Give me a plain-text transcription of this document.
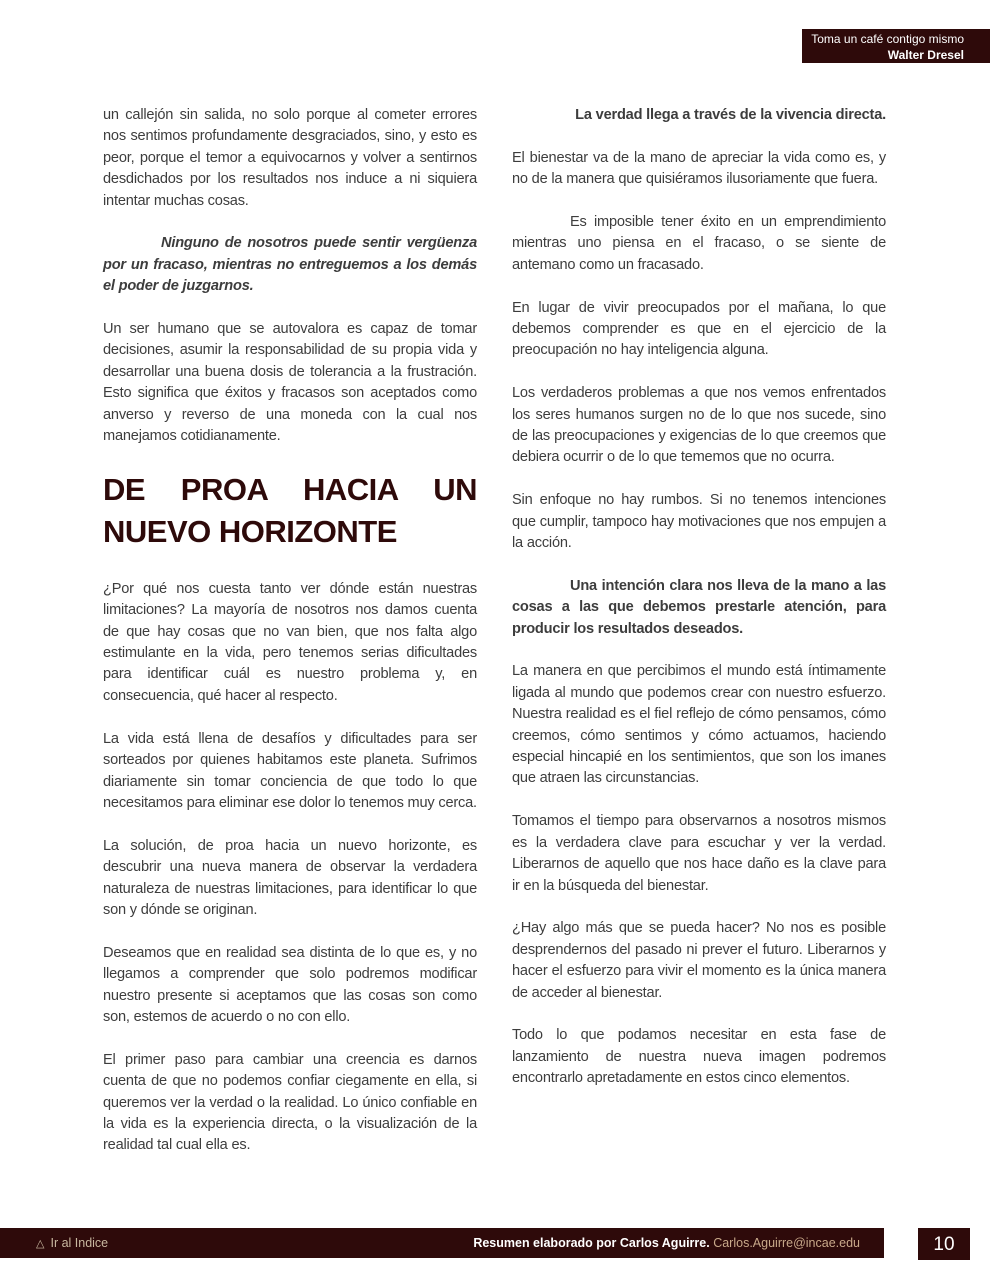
Toma un café contigo mismo
Walter Dresel

un callejón sin salida, no solo porque al cometer errores nos sentimos profundamente desgraciados, sino, y esto es peor, porque el temor a equivocarnos y volver a sentirnos desdichados por los resultados nos induce a ni siquiera intentar muchas cosas.

Ninguno de nosotros puede sentir vergüenza por un fracaso, mientras no entreguemos a los demás el poder de juzgarnos.

Un ser humano que se autovalora es capaz de tomar decisiones, asumir la responsabilidad de su propia vida y desarrollar una buena dosis de tolerancia a la frustración. Esto significa que éxitos y fracasos son aceptados como anverso y reverso de una moneda con la cual nos manejamos cotidianamente.

DE PROA HACIA UN NUEVO HORIZONTE

¿Por qué nos cuesta tanto ver dónde están nuestras limitaciones? La mayoría de nosotros nos damos cuenta de que hay cosas que no van bien, que nos falta algo estimulante en la vida, pero tenemos serias dificultades para identificar cuál es nuestro problema y, en consecuencia, qué hacer al respecto.

La vida está llena de desafíos y dificultades para ser sorteados por quienes habitamos este planeta. Sufrimos diariamente sin tomar conciencia de que todo lo que necesitamos para eliminar ese dolor lo tenemos muy cerca.

La solución, de proa hacia un nuevo horizonte, es descubrir una nueva manera de observar la verdadera naturaleza de nuestras limitaciones, para identificar lo que son y dónde se originan.

Deseamos que en realidad sea distinta de lo que es, y no llegamos a comprender que solo podremos modificar nuestro presente si aceptamos que las cosas son como son, estemos de acuerdo o no con ello.

El primer paso para cambiar una creencia es darnos cuenta de que no podemos confiar ciegamente en ella, si queremos ver la verdad o la realidad. Lo único confiable en la vida es la experiencia directa, o la visualización de la realidad tal cual ella es.

La verdad llega a través de la vivencia directa.

El bienestar va de la mano de apreciar la vida como es, y no de la manera que quisiéramos ilusoriamente que fuera.

Es imposible tener éxito en un emprendimiento mientras uno piensa en el fracaso, o se siente de antemano como un fracasado.

En lugar de vivir preocupados por el mañana, lo que debemos comprender es que en el ejercicio de la preocupación no hay inteligencia alguna.

Los verdaderos problemas a que nos vemos enfrentados los seres humanos surgen no de lo que nos sucede, sino de las preocupaciones y exigencias de lo que creemos que debiera ocurrir o de lo que tememos que no ocurra.

Sin enfoque no hay rumbos. Si no tenemos intenciones que cumplir, tampoco hay motivaciones que nos empujen a la acción.

Una intención clara nos lleva de la mano a las cosas a las que debemos prestarle atención, para producir los resultados deseados.

La manera en que percibimos el mundo está íntimamente ligada al mundo que podemos crear con nuestro esfuerzo. Nuestra realidad es el fiel reflejo de cómo pensamos, cómo creemos, cómo sentimos y cómo actuamos, haciendo especial hincapié en los sentimientos, que son los imanes que atraen las circunstancias.

Tomamos el tiempo para observarnos a nosotros mismos es la verdadera clave para escuchar y ver la verdad. Liberarnos de aquello que nos hace daño es la clave para ir en la búsqueda del bienestar.

¿Hay algo más que se pueda hacer? No nos es posible desprendernos del pasado ni prever el futuro. Liberarnos y hacer el esfuerzo para vivir el momento es la única manera de acceder al bienestar.

Todo lo que podamos necesitar en esta fase de lanzamiento de nuestra nueva imagen podremos encontrarlo apretadamente en estos cinco elementos.

△ Ir al Indice	Resumen elaborado por Carlos Aguirre. Carlos.Aguirre@incae.edu	10
